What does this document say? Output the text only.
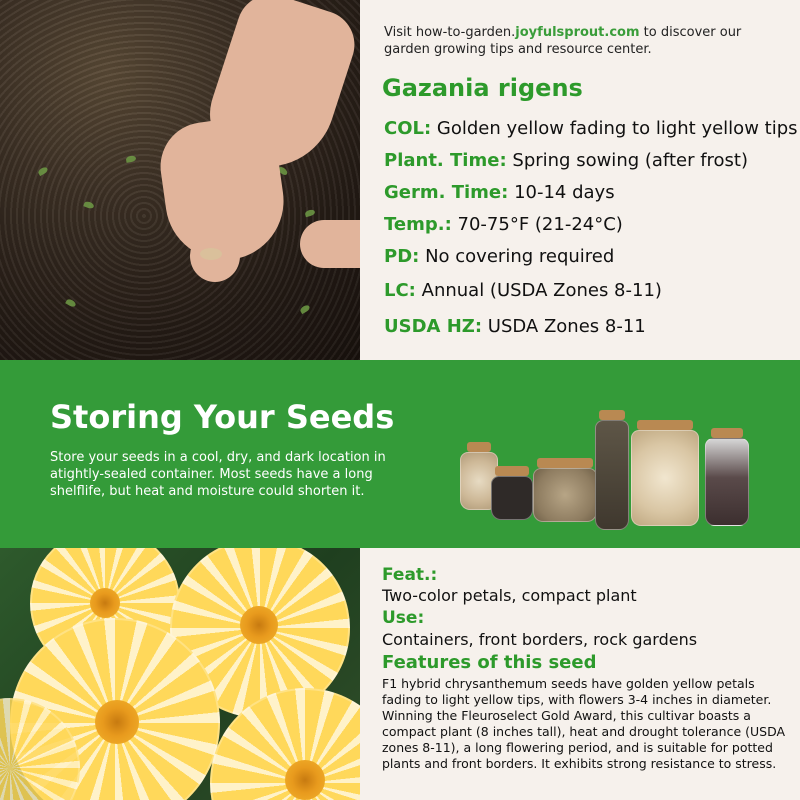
Visit how-to-garden.joyfulsprout.com to discover our garden growing tips and resource center.
Gazania rigens
COL: Golden yellow fading to light yellow tips
Plant. Time: Spring sowing (after frost)
Germ. Time: 10-14 days
Temp.: 70-75°F (21-24°C)
PD: No covering required
LC: Annual (USDA Zones 8-11)
USDA HZ: USDA Zones 8-11
Storing Your Seeds
Store your seeds in a cool, dry, and dark location in atightly-sealed container. Most seeds have a long shelflife, but heat and moisture could shorten it.
Feat.:
Two-color petals, compact plant
Use:
Containers, front borders, rock gardens
Features of this seed
F1 hybrid chrysanthemum seeds have golden yellow petals fading to light yellow tips, with flowers 3-4 inches in diameter. Winning the Fleuroselect Gold Award, this cultivar boasts a compact plant (8 inches tall), heat and drought tolerance (USDA zones 8-11), a long flowering period, and is suitable for potted plants and front borders. It exhibits strong resistance to stress.
